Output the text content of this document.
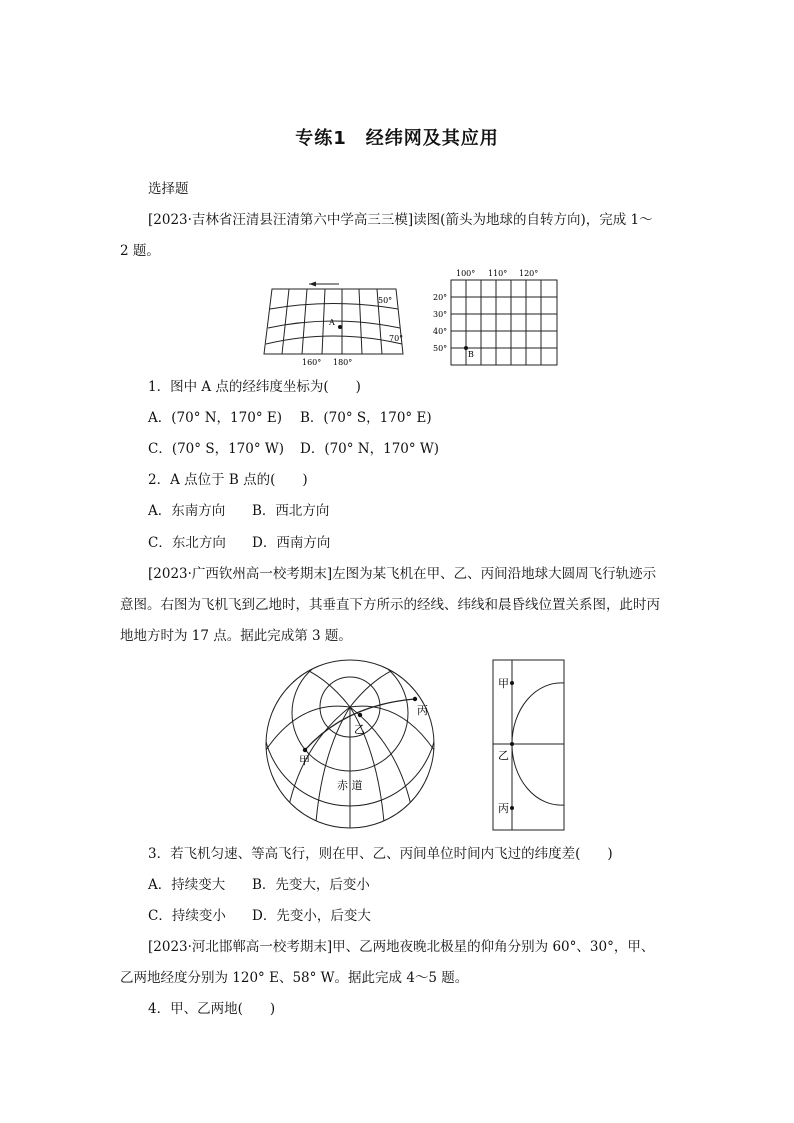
专练1　经纬网及其应用
选择题
[2023·吉林省汪清县汪清第六中学高三三模]读图(箭头为地球的自转方向)，完成 1～
2 题。
A
50°
70°
160° 180°
B
100° 110° 120°
20°
30°
40°
50°
1．图中 A 点的经纬度坐标为(　　)
A．(70° N，170° E) B．(70° S，170° E)
C．(70° S，170° W) D．(70° N，170° W)
2．A 点位于 B 点的(　　)
A．东南方向 B．西北方向
C．东北方向 D．西南方向
[2023·广西钦州高一校考期末]左图为某飞机在甲、乙、丙间沿地球大圆周飞行轨迹示
意图。右图为飞机飞到乙地时，其垂直下方所示的经线、纬线和晨昏线位置关系图，此时丙
地地方时为 17 点。据此完成第 3 题。
甲
乙
丙
赤 道
甲
乙
丙
3．若飞机匀速、等高飞行，则在甲、乙、丙间单位时间内飞过的纬度差(　　)
A．持续变大 B．先变大，后变小
C．持续变小 D．先变小，后变大
[2023·河北邯郸高一校考期末]甲、乙两地夜晚北极星的仰角分别为 60°、30°，甲、
乙两地经度分别为 120° E、58° W。据此完成 4～5 题。
4．甲、乙两地(　　)
